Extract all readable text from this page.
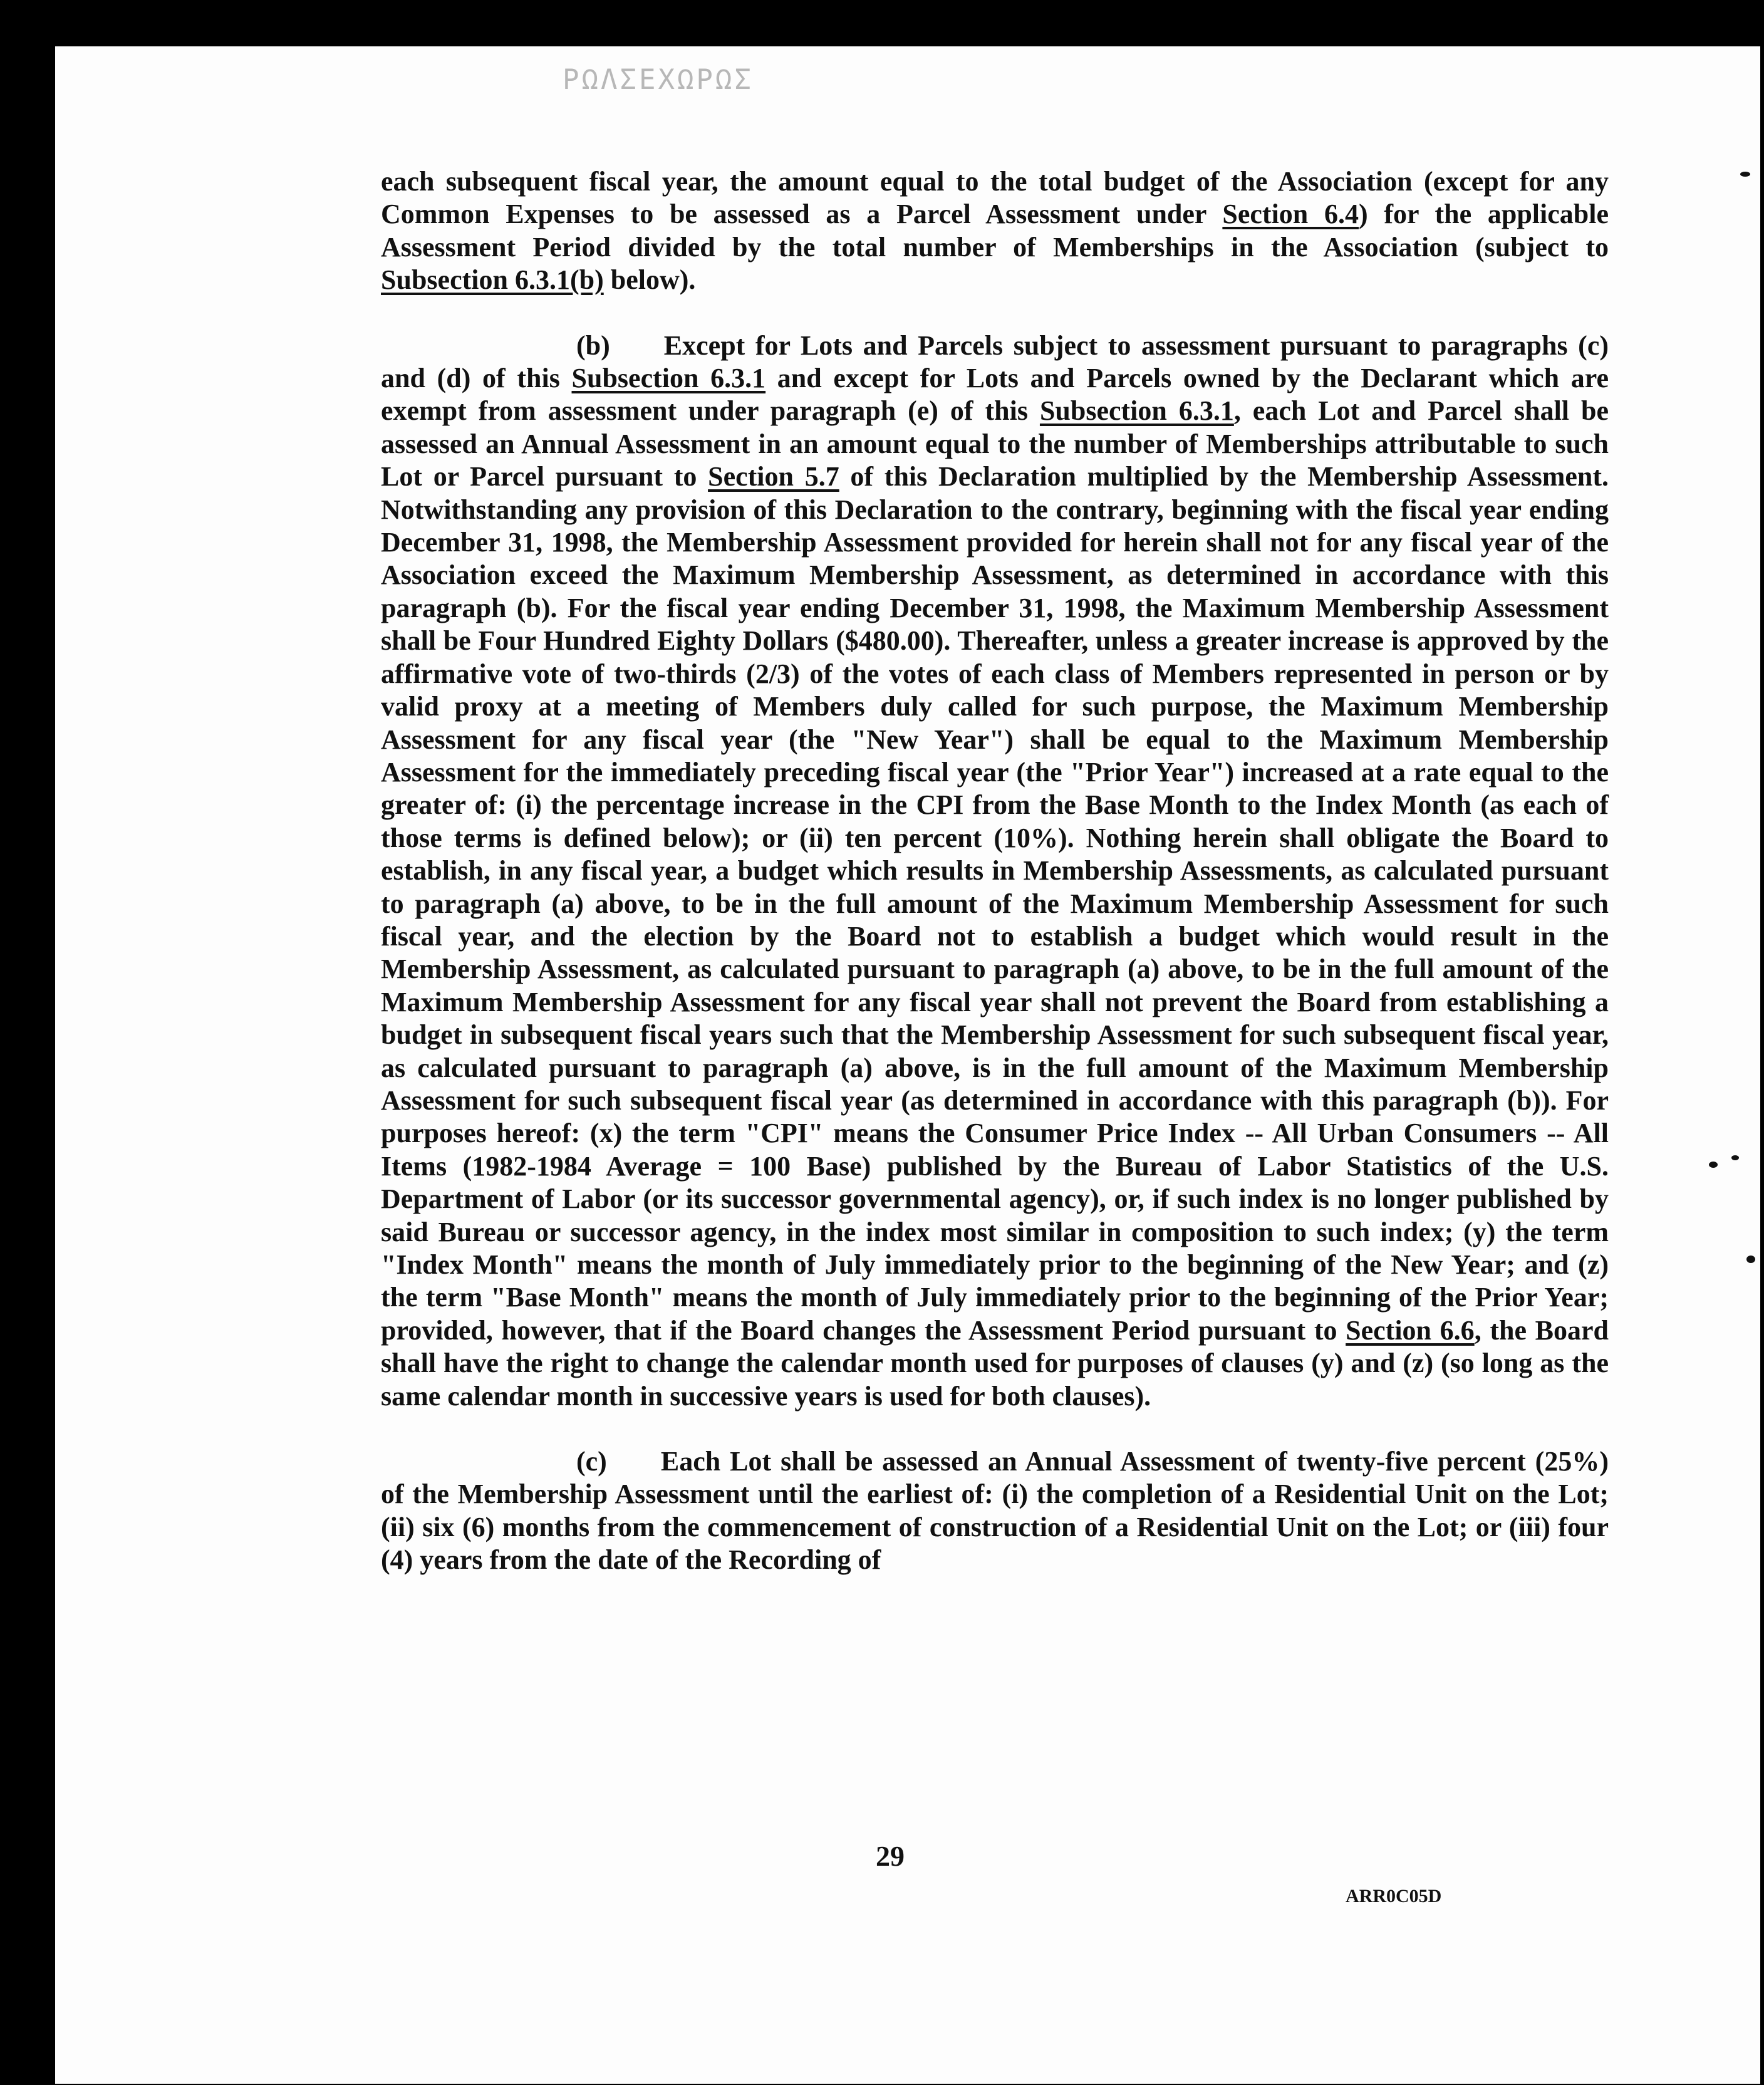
ΡΩΛΣΕΧΩΡΩΣ

each subsequent fiscal year, the amount equal to the total budget of the Association (except for any Common Expenses to be assessed as a Parcel Assessment under Section 6.4) for the applicable Assessment Period divided by the total number of Memberships in the Association (subject to Subsection 6.3.1(b) below).

(b) Except for Lots and Parcels subject to assessment pursuant to paragraphs (c) and (d) of this Subsection 6.3.1 and except for Lots and Parcels owned by the Declarant which are exempt from assessment under paragraph (e) of this Subsection 6.3.1, each Lot and Parcel shall be assessed an Annual Assessment in an amount equal to the number of Memberships attributable to such Lot or Parcel pursuant to Section 5.7 of this Declaration multiplied by the Membership Assessment. Notwithstanding any provision of this Declaration to the contrary, beginning with the fiscal year ending December 31, 1998, the Membership Assessment provided for herein shall not for any fiscal year of the Association exceed the Maximum Membership Assessment, as determined in accordance with this paragraph (b). For the fiscal year ending December 31, 1998, the Maximum Membership Assessment shall be Four Hundred Eighty Dollars ($480.00). Thereafter, unless a greater increase is approved by the affirmative vote of two-thirds (2/3) of the votes of each class of Members represented in person or by valid proxy at a meeting of Members duly called for such purpose, the Maximum Membership Assessment for any fiscal year (the "New Year") shall be equal to the Maximum Membership Assessment for the immediately preceding fiscal year (the "Prior Year") increased at a rate equal to the greater of: (i) the percentage increase in the CPI from the Base Month to the Index Month (as each of those terms is defined below); or (ii) ten percent (10%). Nothing herein shall obligate the Board to establish, in any fiscal year, a budget which results in Membership Assessments, as calculated pursuant to paragraph (a) above, to be in the full amount of the Maximum Membership Assessment for such fiscal year, and the election by the Board not to establish a budget which would result in the Membership Assessment, as calculated pursuant to paragraph (a) above, to be in the full amount of the Maximum Membership Assessment for any fiscal year shall not prevent the Board from establishing a budget in subsequent fiscal years such that the Membership Assessment for such subsequent fiscal year, as calculated pursuant to paragraph (a) above, is in the full amount of the Maximum Membership Assessment for such subsequent fiscal year (as determined in accordance with this paragraph (b)). For purposes hereof: (x) the term "CPI" means the Consumer Price Index -- All Urban Consumers -- All Items (1982-1984 Average = 100 Base) published by the Bureau of Labor Statistics of the U.S. Department of Labor (or its successor governmental agency), or, if such index is no longer published by said Bureau or successor agency, in the index most similar in composition to such index; (y) the term "Index Month" means the month of July immediately prior to the beginning of the New Year; and (z) the term "Base Month" means the month of July immediately prior to the beginning of the Prior Year; provided, however, that if the Board changes the Assessment Period pursuant to Section 6.6, the Board shall have the right to change the calendar month used for purposes of clauses (y) and (z) (so long as the same calendar month in successive years is used for both clauses).

(c) Each Lot shall be assessed an Annual Assessment of twenty-five percent (25%) of the Membership Assessment until the earliest of: (i) the completion of a Residential Unit on the Lot; (ii) six (6) months from the commencement of construction of a Residential Unit on the Lot; or (iii) four (4) years from the date of the Recording of

29
ARR0C05D
